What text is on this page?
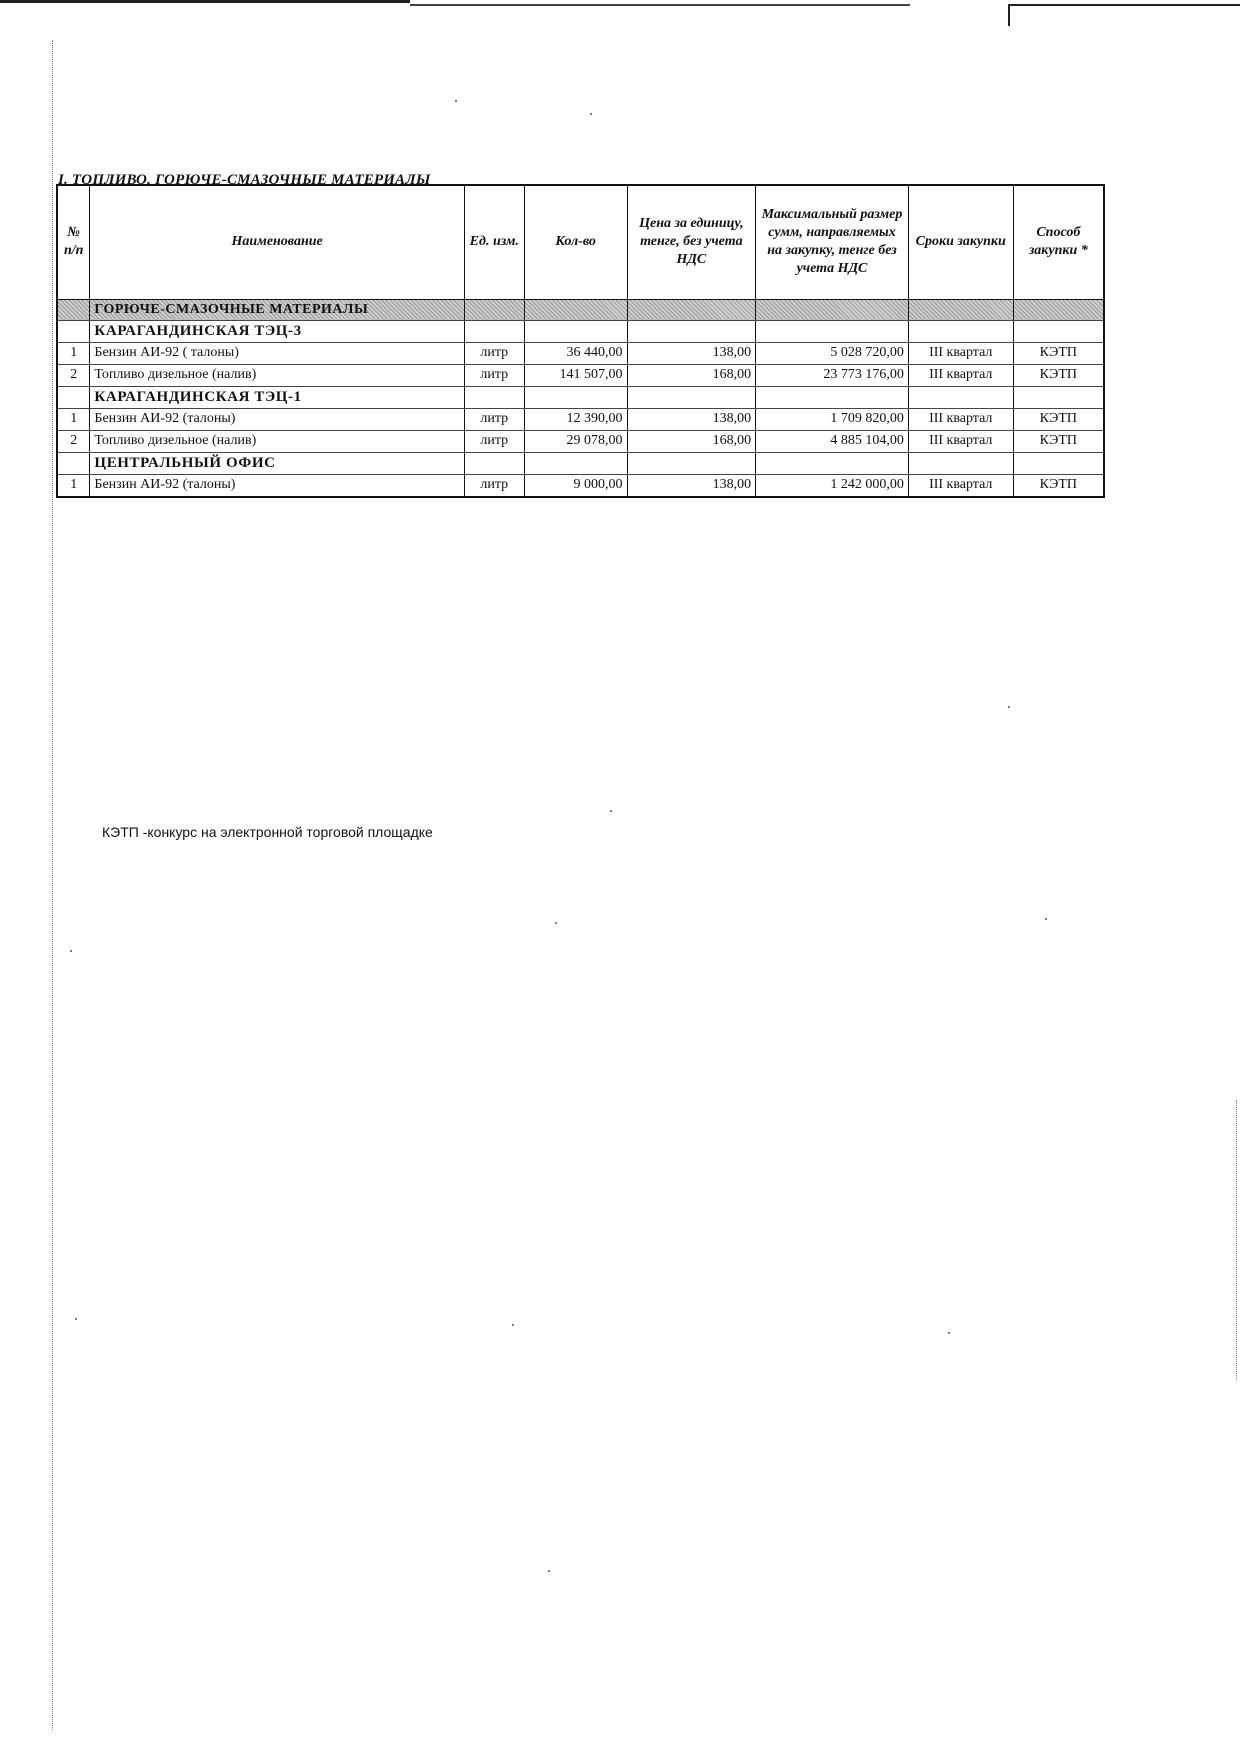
I. ТОПЛИВО, ГОРЮЧЕ-СМАЗОЧНЫЕ МАТЕРИАЛЫ
№ п/п	Наименование	Ед. изм.	Кол-во	Цена за единицу, тенге, без учета НДС	Максимальный размер сумм, направляемых на закупку, тенге без учета НДС	Сроки закупки	Способ закупки *
	ГОРЮЧЕ-СМАЗОЧНЫЕ МАТЕРИАЛЫ						
	КАРАГАНДИНСКАЯ ТЭЦ-3						
1	Бензин АИ-92 ( талоны)	литр	36 440,00	138,00	5 028 720,00	III квартал	КЭТП
2	Топливо дизельное (налив)	литр	141 507,00	168,00	23 773 176,00	III квартал	КЭТП
	КАРАГАНДИНСКАЯ ТЭЦ-1						
1	Бензин АИ-92 (талоны)	литр	12 390,00	138,00	1 709 820,00	III квартал	КЭТП
2	Топливо дизельное (налив)	литр	29 078,00	168,00	4 885 104,00	III квартал	КЭТП
	ЦЕНТРАЛЬНЫЙ ОФИС						
1	Бензин АИ-92 (талоны)	литр	9 000,00	138,00	1 242 000,00	III квартал	КЭТП
КЭТП -конкурс на электронной торговой площадке
